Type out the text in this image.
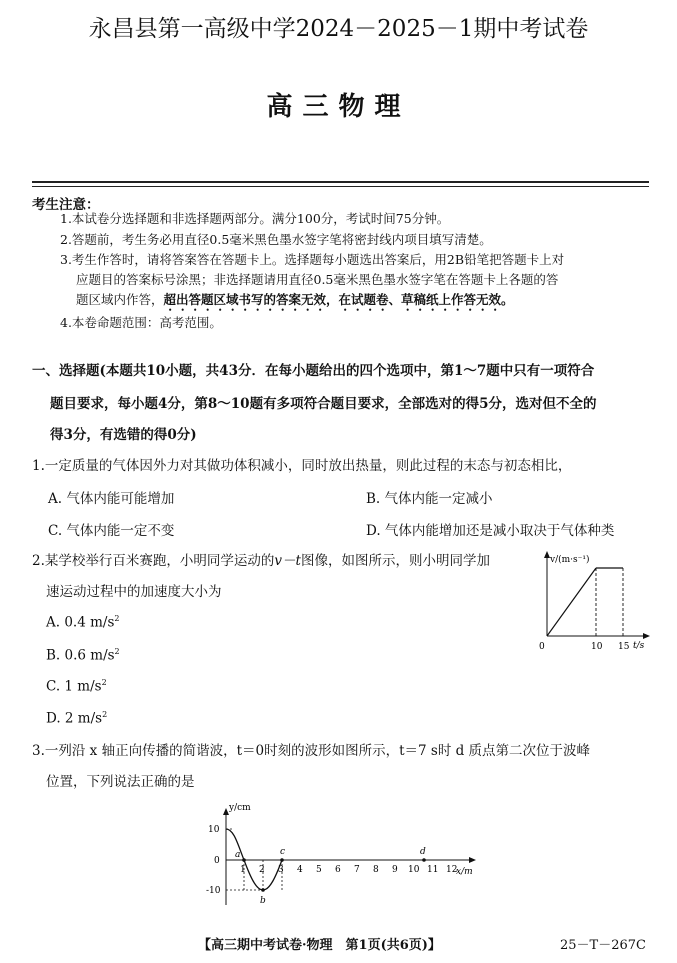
永昌县第一高级中学2024－2025－1期中考试卷
高三物理
考生注意：
1.本试卷分选择题和非选择题两部分。满分100分，考试时间75分钟。
2.答题前，考生务必用直径0.5毫米黑色墨水签字笔将密封线内项目填写清楚。
3.考生作答时，请将答案答在答题卡上。选择题每小题选出答案后，用2B铅笔把答题卡上对
应题目的答案标号涂黑；非选择题请用直径0.5毫米黑色墨水签字笔在答题卡上各题的答
题区域内作答，超出答题区域书写的答案无效，在试题卷、草稿纸上作答无效。
4.本卷命题范围：高考范围。
一、选择题(本题共10小题，共43分．在每小题给出的四个选项中，第1～7题中只有一项符合
题目要求，每小题4分，第8～10题有多项符合题目要求，全部选对的得5分，选对但不全的
得3分，有选错的得0分)
1.一定质量的气体因外力对其做功体积减小，同时放出热量，则此过程的末态与初态相比，
A. 气体内能可能增加	B. 气体内能一定减小
C. 气体内能一定不变	D. 气体内能增加还是减小取决于气体种类
2.某学校举行百米赛跑，小明同学运动的v－t图像，如图所示，则小明同学加
速运动过程中的加速度大小为
A. 0.4 $m/s^2$
B. 0.6 $m/s^2$
C. 1 $m/s^2$
D. 2 $m/s^2$
v/(m·s⁻¹)
t/s
0	10 15
3.一列沿 x 轴正向传播的简谐波，t＝0时刻的波形如图所示，t＝7 s时 d 质点第二次位于波峰
位置，下列说法正确的是
y/cm
x/m
10
0
-10
1 2 3 4 5 6 7 8 9 10 11 12
a
b
c	d
【高三期中考试卷·物理　第1页(共6页)】	25－T－267C
